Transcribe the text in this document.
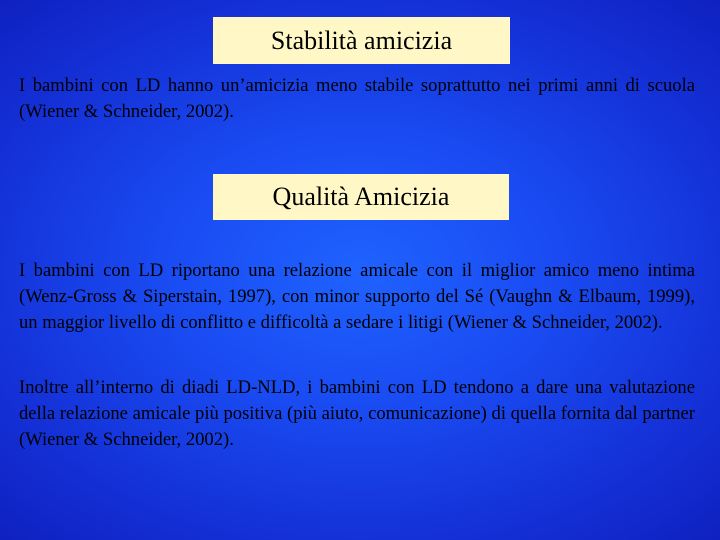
Stabilità amicizia

I bambini con LD hanno un’amicizia meno stabile soprattutto nei primi anni di scuola (Wiener & Schneider, 2002).

Qualità Amicizia

I bambini con LD riportano una relazione amicale con il miglior amico meno intima (Wenz-Gross & Siperstain, 1997), con minor supporto del Sé (Vaughn & Elbaum, 1999), un maggior livello di conflitto e difficoltà a sedare i litigi (Wiener & Schneider, 2002).

Inoltre all’interno di diadi LD-NLD, i bambini con LD tendono a dare una valutazione della relazione amicale più positiva (più aiuto, comunicazione) di quella fornita dal partner (Wiener & Schneider, 2002).
